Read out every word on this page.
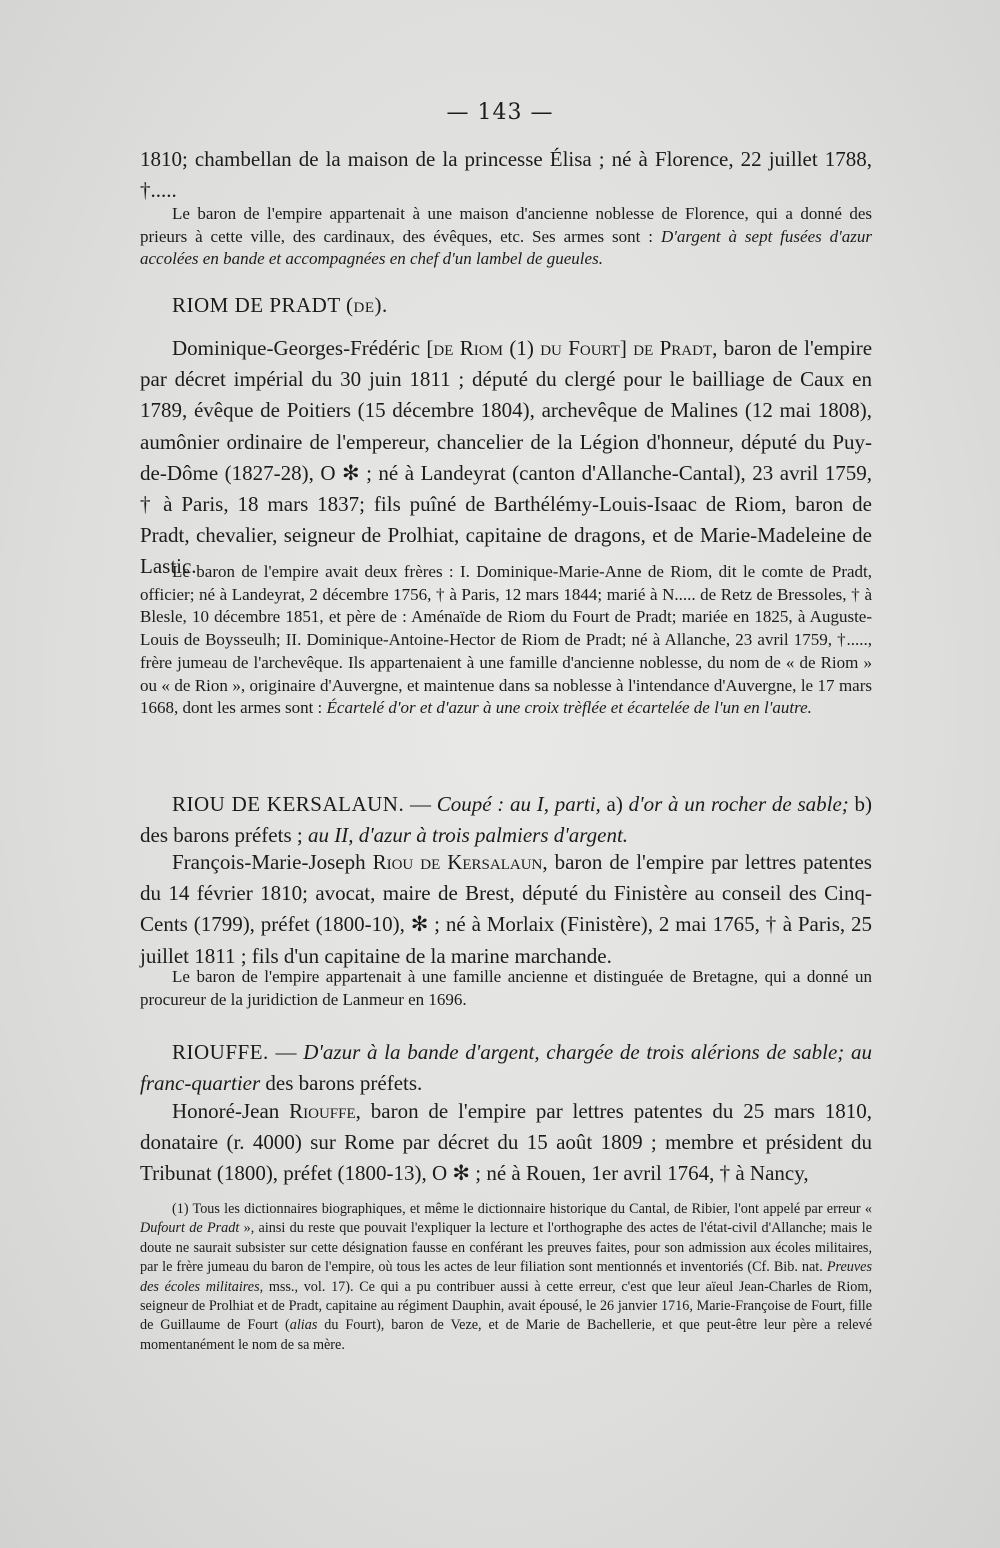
— 143 —
1810; chambellan de la maison de la princesse Élisa ; né à Florence, 22 juillet 1788, †.....
Le baron de l'empire appartenait à une maison d'ancienne noblesse de Florence, qui a donné des prieurs à cette ville, des cardinaux, des évêques, etc. Ses armes sont : D'argent à sept fusées d'azur accolées en bande et accompagnées en chef d'un lambel de gueules.
RIOM DE PRADT (de).
Dominique-Georges-Frédéric [de Riom (1) du Fourt] de Pradt, baron de l'empire par décret impérial du 30 juin 1811 ; député du clergé pour le bailliage de Caux en 1789, évêque de Poitiers (15 décembre 1804), archevêque de Malines (12 mai 1808), aumônier ordinaire de l'empereur, chancelier de la Légion d'honneur, député du Puy-de-Dôme (1827-28), O ✻ ; né à Landeyrat (canton d'Allanche-Cantal), 23 avril 1759, † à Paris, 18 mars 1837; fils puîné de Barthélémy-Louis-Isaac de Riom, baron de Pradt, chevalier, seigneur de Prolhiat, capitaine de dragons, et de Marie-Madeleine de Lastic.
Le baron de l'empire avait deux frères : I. Dominique-Marie-Anne de Riom, dit le comte de Pradt, officier; né à Landeyrat, 2 décembre 1756, † à Paris, 12 mars 1844; marié à N..... de Retz de Bressoles, † à Blesle, 10 décembre 1851, et père de : Aménaïde de Riom du Fourt de Pradt; mariée en 1825, à Auguste-Louis de Boysseulh; II. Dominique-Antoine-Hector de Riom de Pradt; né à Allanche, 23 avril 1759, †....., frère jumeau de l'archevêque. Ils appartenaient à une famille d'ancienne noblesse, du nom de « de Riom » ou « de Rion », originaire d'Auvergne, et maintenue dans sa noblesse à l'intendance d'Auvergne, le 17 mars 1668, dont les armes sont : Écartelé d'or et d'azur à une croix trèflée et écartelée de l'un en l'autre.
RIOU DE KERSALAUN. — Coupé : au I, parti, a) d'or à un rocher de sable; b) des barons préfets ; au II, d'azur à trois palmiers d'argent.
François-Marie-Joseph Riou de Kersalaun, baron de l'empire par lettres patentes du 14 février 1810; avocat, maire de Brest, député du Finistère au conseil des Cinq-Cents (1799), préfet (1800-10), ✻ ; né à Morlaix (Finistère), 2 mai 1765, † à Paris, 25 juillet 1811 ; fils d'un capitaine de la marine marchande.
Le baron de l'empire appartenait à une famille ancienne et distinguée de Bretagne, qui a donné un procureur de la juridiction de Lanmeur en 1696.
RIOUFFE. — D'azur à la bande d'argent, chargée de trois alérions de sable; au franc-quartier des barons préfets.
Honoré-Jean Riouffe, baron de l'empire par lettres patentes du 25 mars 1810, donataire (r. 4000) sur Rome par décret du 15 août 1809 ; membre et président du Tribunat (1800), préfet (1800-13), O ✻ ; né à Rouen, 1er avril 1764, † à Nancy,
(1) Tous les dictionnaires biographiques, et même le dictionnaire historique du Cantal, de Ribier, l'ont appelé par erreur « Dufourt de Pradt », ainsi du reste que pouvait l'expliquer la lecture et l'orthographe des actes de l'état-civil d'Allanche; mais le doute ne saurait subsister sur cette désignation fausse en conférant les preuves faites, pour son admission aux écoles militaires, par le frère jumeau du baron de l'empire, où tous les actes de leur filiation sont mentionnés et inventoriés (Cf. Bib. nat. Preuves des écoles militaires, mss., vol. 17). Ce qui a pu contribuer aussi à cette erreur, c'est que leur aïeul Jean-Charles de Riom, seigneur de Prolhiat et de Pradt, capitaine au régiment Dauphin, avait épousé, le 26 janvier 1716, Marie-Françoise de Fourt, fille de Guillaume de Fourt (alias du Fourt), baron de Veze, et de Marie de Bachellerie, et que peut-être leur père a relevé momentanément le nom de sa mère.
